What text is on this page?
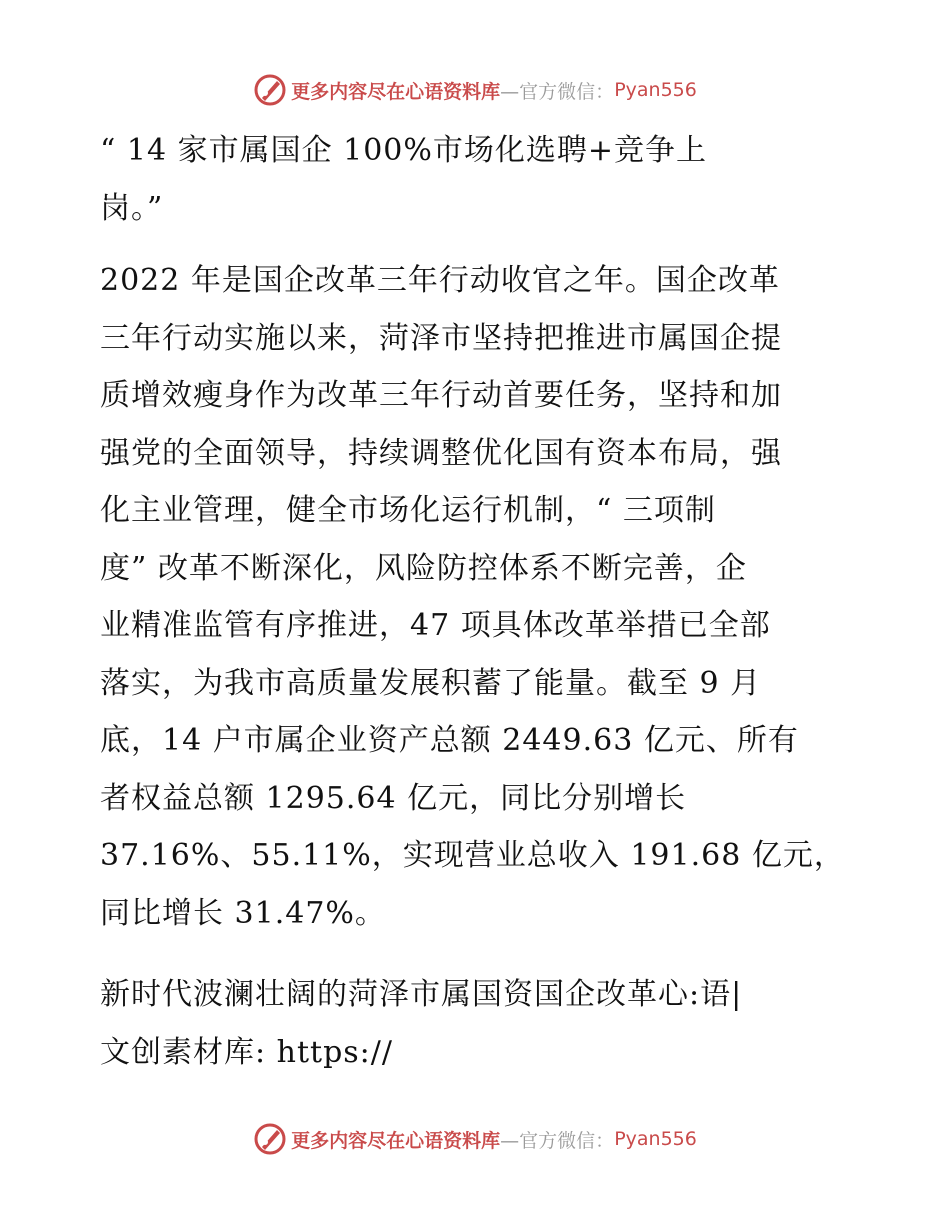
更多内容尽在心语资料库 —官方微信： Pyan556
“ 14 家市属国企 100%市场化选聘+竞争上
岗。”
2022 年是国企改革三年行动收官之年。国企改革
三年行动实施以来，菏泽市坚持把推进市属国企提
质增效瘦身作为改革三年行动首要任务，坚持和加
强党的全面领导，持续调整优化国有资本布局，强
化主业管理，健全市场化运行机制，“ 三项制
度” 改革不断深化，风险防控体系不断完善，企
业精准监管有序推进，47 项具体改革举措已全部
落实，为我市高质量发展积蓄了能量。截至 9 月
底，14 户市属企业资产总额 2449.63 亿元、所有
者权益总额 1295.64 亿元，同比分别增长
37.16%、55.11%，实现营业总收入 191.68 亿元，
同比增长 31.47%。
新时代波澜壮阔的菏泽市属国资国企改革心:语|
文创素材库: https://
更多内容尽在心语资料库 —官方微信： Pyan556
